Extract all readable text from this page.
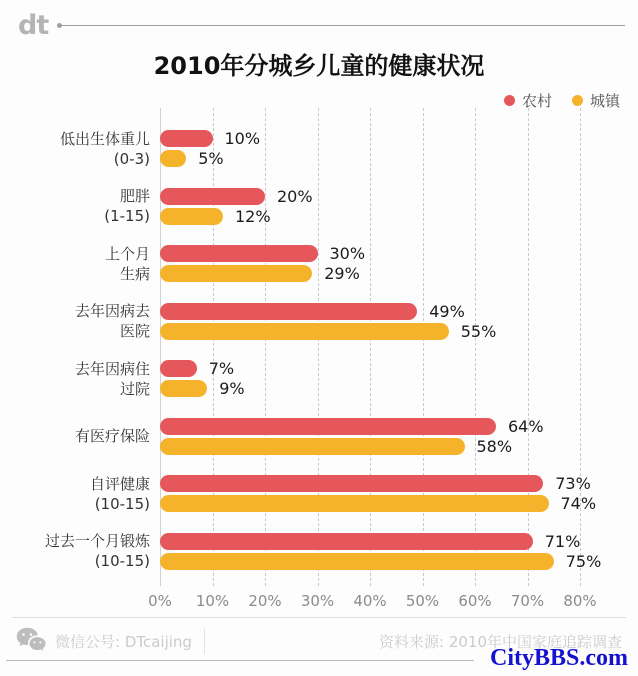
dt
2010年分城乡儿童的健康状况
农村	城镇
低出生体重儿
(0-3)
10%
5%
肥胖
(1-15)
20%
12%
上个月
生病
30%
29%
去年因病去
医院
49%
55%
去年因病住
过院
7%
9%
有医疗保险
64%
58%
自评健康
(10-15)
73%
74%
过去一个月锻炼
(10-15)
71%
75%
0% 10% 20% 30% 40% 50% 60% 70% 80%
微信公号: DTcaijing	资料来源: 2010年中国家庭追踪调查
CityBBS.com
